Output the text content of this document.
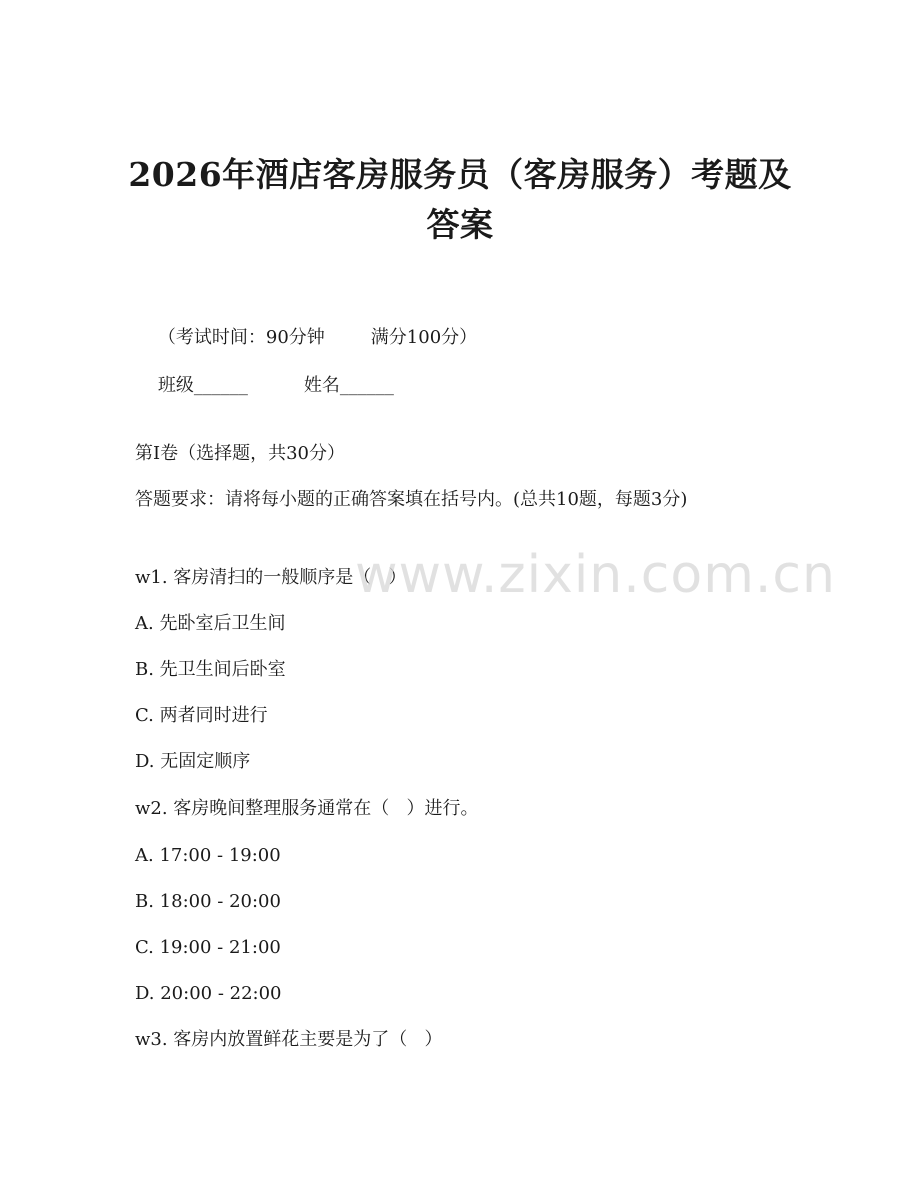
2026年酒店客房服务员（客房服务）考题及答案

（考试时间：90分钟	满分100分）

班级______	姓名______

第I卷（选择题，共30分）
答题要求：请将每小题的正确答案填在括号内。(总共10题，每题3分)
w1. 客房清扫的一般顺序是（   ）
A. 先卧室后卫生间
B. 先卫生间后卧室
C. 两者同时进行
D. 无固定顺序
w2. 客房晚间整理服务通常在（   ）进行。
A. 17:00 - 19:00
B. 18:00 - 20:00
C. 19:00 - 21:00
D. 20:00 - 22:00
w3. 客房内放置鲜花主要是为了（   ）
www.zixin.com.cn
